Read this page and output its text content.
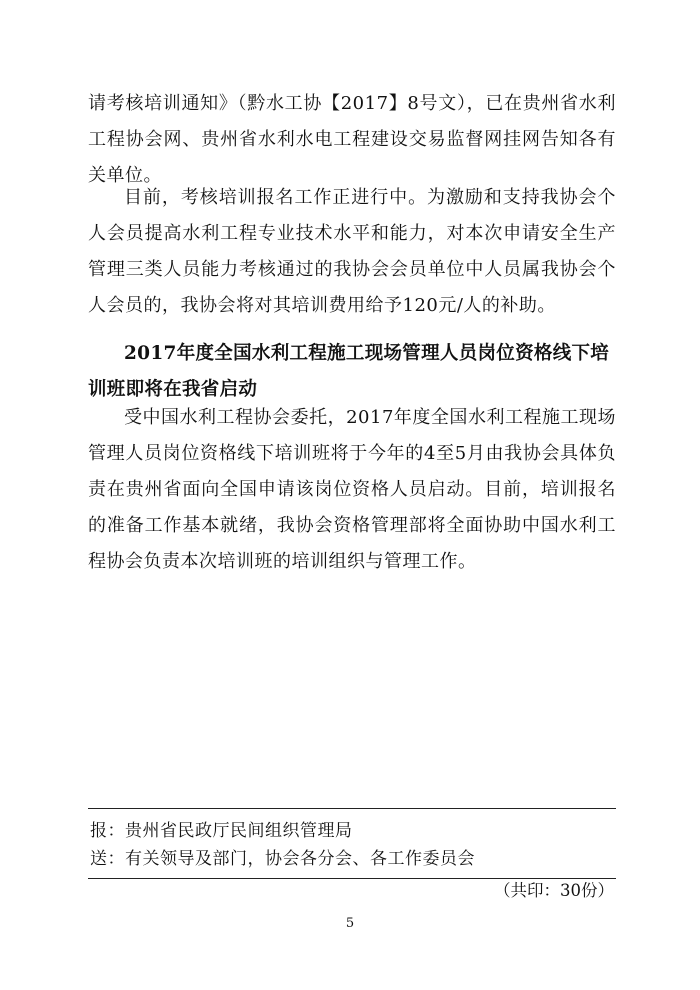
请考核培训通知》（黔水工协【2017】8号文），已在贵州省水利工程协会网、贵州省水利水电工程建设交易监督网挂网告知各有关单位。

目前，考核培训报名工作正进行中。为激励和支持我协会个人会员提高水利工程专业技术水平和能力，对本次申请安全生产管理三类人员能力考核通过的我协会会员单位中人员属我协会个人会员的，我协会将对其培训费用给予120元/人的补助。

2017年度全国水利工程施工现场管理人员岗位资格线下培训班即将在我省启动

受中国水利工程协会委托，2017年度全国水利工程施工现场管理人员岗位资格线下培训班将于今年的4至5月由我协会具体负责在贵州省面向全国申请该岗位资格人员启动。目前，培训报名的准备工作基本就绪，我协会资格管理部将全面协助中国水利工程协会负责本次培训班的培训组织与管理工作。

报：贵州省民政厅民间组织管理局

送：有关领导及部门，协会各分会、各工作委员会

（共印：30份）
5
